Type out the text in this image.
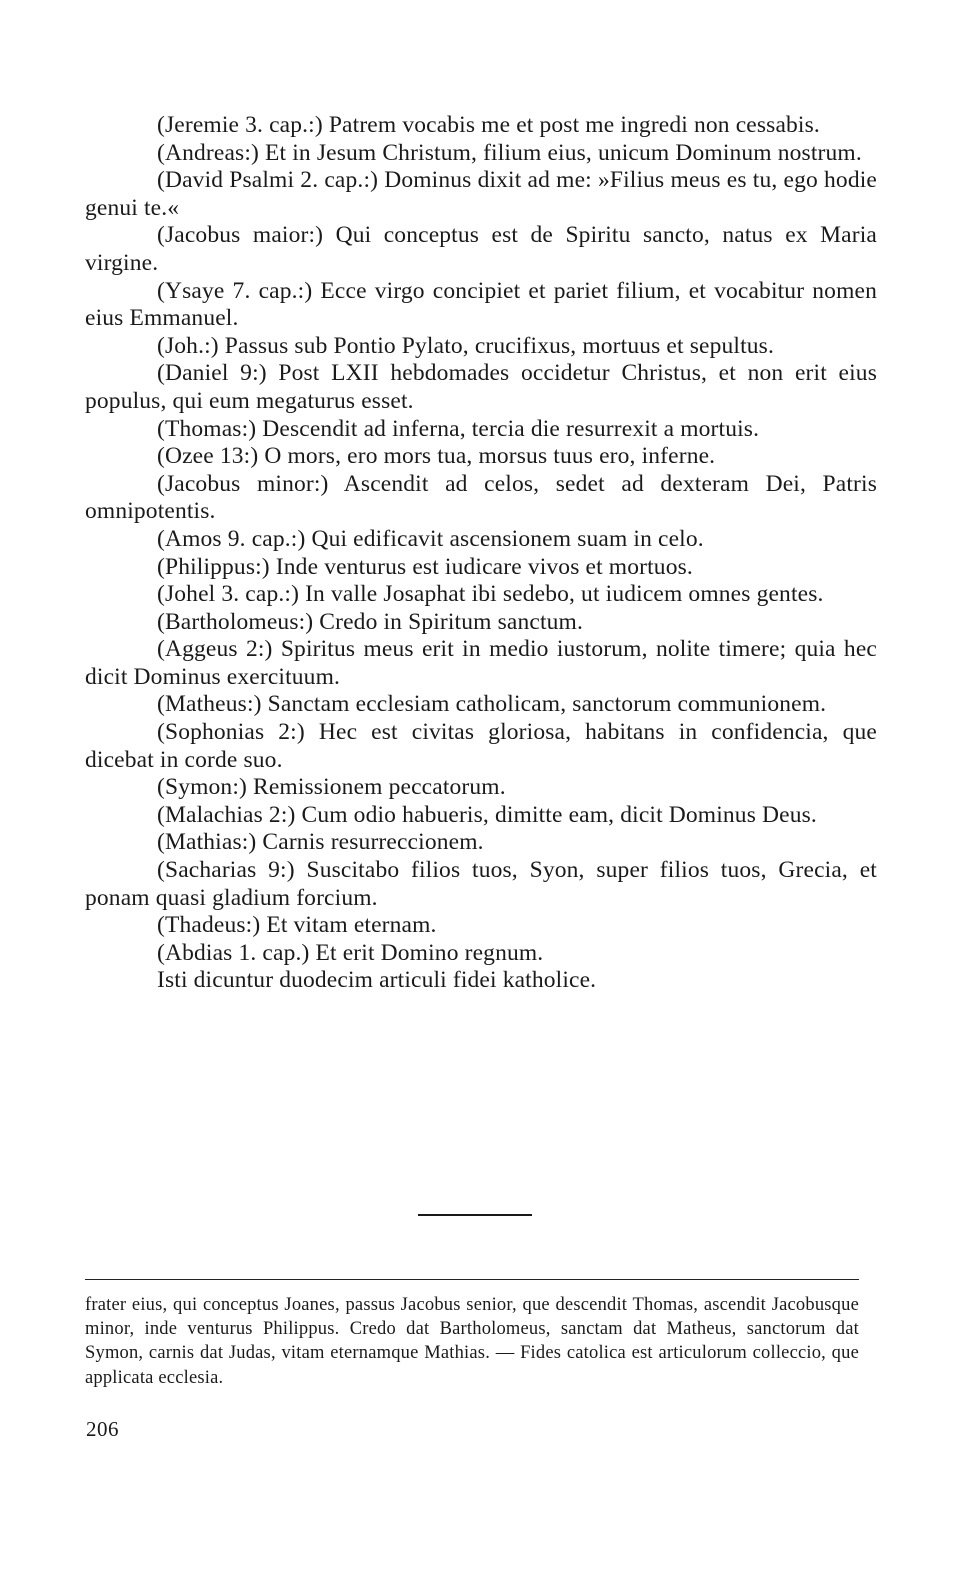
(Jeremie 3. cap.:) Patrem vocabis me et post me ingredi non cessabis.

(Andreas:) Et in Jesum Christum, filium eius, unicum Dominum nostrum.

(David Psalmi 2. cap.:) Dominus dixit ad me: »Filius meus es tu, ego hodie genui te.«

(Jacobus maior:) Qui conceptus est de Spiritu sancto, natus ex Maria virgine.

(Ysaye 7. cap.:) Ecce virgo concipiet et pariet filium, et vocabitur nomen eius Emmanuel.

(Joh.:) Passus sub Pontio Pylato, crucifixus, mortuus et sepultus.

(Daniel 9:) Post LXII hebdomades occidetur Christus, et non erit eius populus, qui eum megaturus esset.

(Thomas:) Descendit ad inferna, tercia die resurrexit a mortuis.

(Ozee 13:) O mors, ero mors tua, morsus tuus ero, inferne.

(Jacobus minor:) Ascendit ad celos, sedet ad dexteram Dei, Patris omnipotentis.

(Amos 9. cap.:) Qui edificavit ascensionem suam in celo.

(Philippus:) Inde venturus est iudicare vivos et mortuos.

(Johel 3. cap.:) In valle Josaphat ibi sedebo, ut iudicem omnes gentes.

(Bartholomeus:) Credo in Spiritum sanctum.

(Aggeus 2:) Spiritus meus erit in medio iustorum, nolite timere; quia hec dicit Dominus exercituum.

(Matheus:) Sanctam ecclesiam catholicam, sanctorum communionem.

(Sophonias 2:) Hec est civitas gloriosa, habitans in confidencia, que dicebat in corde suo.

(Symon:) Remissionem peccatorum.

(Malachias 2:) Cum odio habueris, dimitte eam, dicit Dominus Deus.

(Mathias:) Carnis resurreccionem.

(Sacharias 9:) Suscitabo filios tuos, Syon, super filios tuos, Grecia, et ponam quasi gladium forcium.

(Thadeus:) Et vitam eternam.

(Abdias 1. cap.) Et erit Domino regnum.

Isti dicuntur duodecim articuli fidei katholice.

frater eius, qui conceptus Joanes, passus Jacobus senior, que descendit Thomas, ascendit Jacobusque minor, inde venturus Philippus. Credo dat Bartholomeus, sanctam dat Matheus, sanctorum dat Symon, carnis dat Judas, vitam eternamque Mathias. — Fides catolica est articulorum colleccio, que applicata ecclesia.

206
